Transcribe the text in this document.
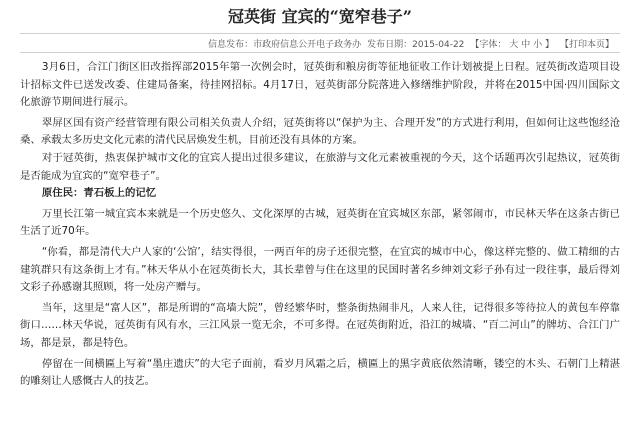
冠英街 宜宾的“宽窄巷子”
信息发布：市政府信息公开电子政务办 发布日期：2015-04-22 【字体： 大 中 小 】 【打印本页】

3月6日，合江门街区旧改指挥部2015年第一次例会时，冠英街和粮房街等征地征收工作计划被提上日程。冠英街改造项目设计招标文件已送发改委、住建局备案，待挂网招标。4月17日，冠英街部分院落进入修缮维护阶段，并将在2015中国·四川国际文化旅游节期间进行展示。

翠屏区国有资产经营管理有限公司相关负责人介绍，冠英街将以“保护为主、合理开发”的方式进行利用，但如何让这些饱经沧桑、承载太多历史文化元素的清代民居焕发生机，目前还没有具体的方案。

对于冠英街，热衷保护城市文化的宜宾人提出过很多建议，在旅游与文化元素被重视的今天，这个话题再次引起热议，冠英街是否能成为宜宾的“宽窄巷子”。

原住民：青石板上的记忆

万里长江第一城宜宾本来就是一个历史悠久、文化深厚的古城，冠英街在宜宾城区东部，紧邻闹市，市民林天华在这条古街已生活了近70年。

“你看，都是清代大户人家的‘公馆’，结实得很，一两百年的房子还很完整，在宜宾的城市中心，像这样完整的、做工精细的古建筑群只有这条街上才有。”林天华从小在冠英街长大，其长辈曾与住在这里的民国时著名乡绅刘文彩子孙有过一段往事，最后得刘文彩子孙感谢其照顾，将一处房产赠与。

当年，这里是“富人区”，都是所谓的“高墙大院”，曾经繁华时，整条街热闹非凡，人来人往，记得很多等待拉人的黄包车停靠街口……林天华说，冠英街有风有水，三江风景一览无余，不可多得。在冠英街附近，沿江的城墙、“百二河山”的牌坊、合江门广场，都是景，都是特色。

停留在一间横匾上写着“墨庄遗庆”的大宅子面前，看岁月风霜之后，横匾上的黑字黄底依然清晰，镂空的木头、石朝门上精湛的雕刻让人感慨古人的技艺。
